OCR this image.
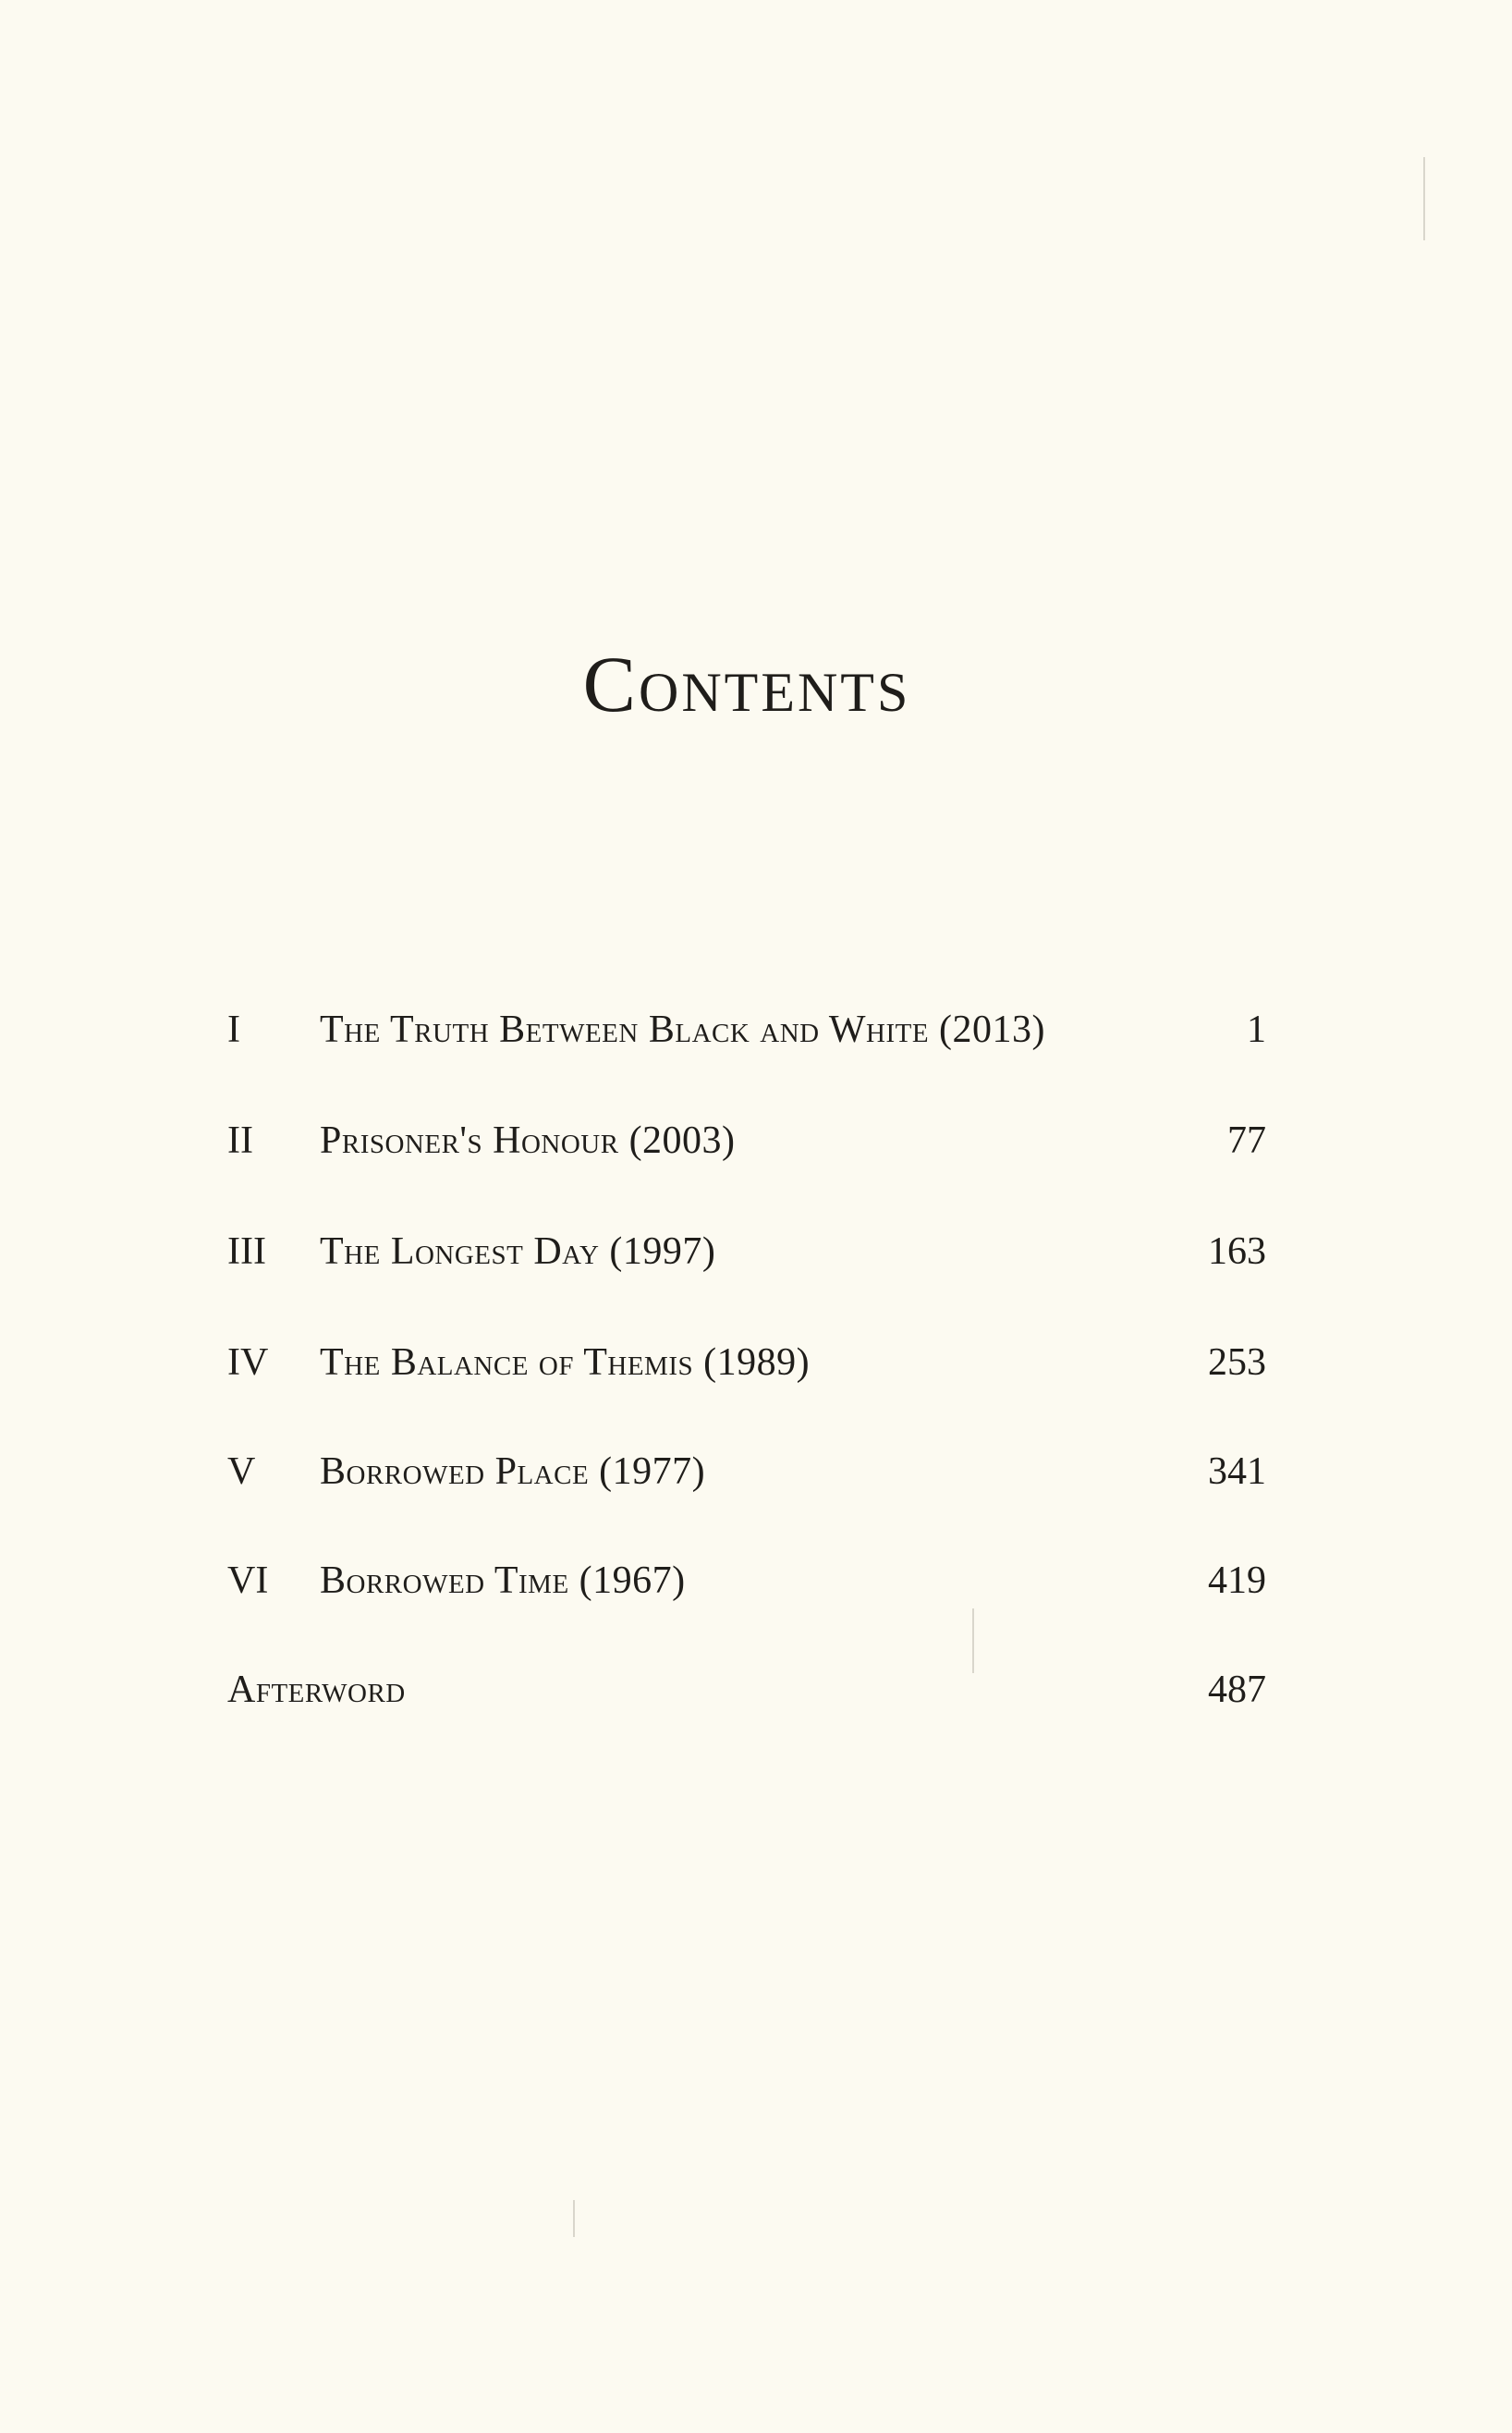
Contents
I	The Truth Between Black and White (2013)	1
II	Prisoner's Honour (2003)	77
III	The Longest Day (1997)	163
IV	The Balance of Themis (1989)	253
V	Borrowed Place (1977)	341
VI	Borrowed Time (1967)	419
Afterword	487
